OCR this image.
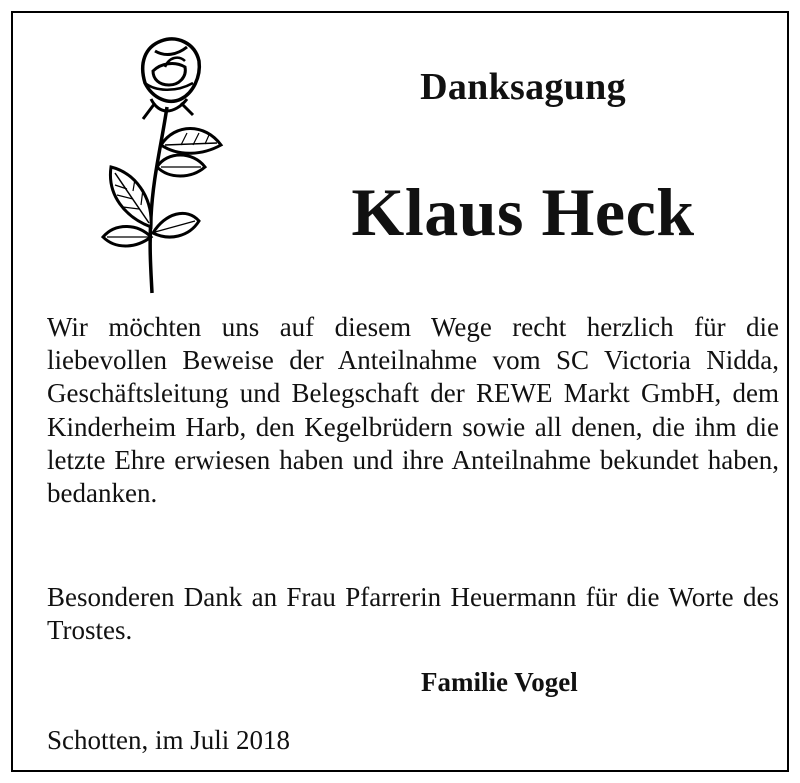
Danksagung
Klaus Heck

Wir möchten uns auf diesem Wege recht herzlich für die liebevollen Beweise der Anteilnahme vom SC Victoria Nidda, Geschäftsleitung und Belegschaft der REWE Markt GmbH, dem Kinderheim Harb, den Kegelbrüdern sowie all denen, die ihm die letzte Ehre erwiesen haben und ihre Anteilnahme bekundet haben, bedanken.

Besonderen Dank an Frau Pfarrerin Heuermann für die Worte des Trostes.

Familie Vogel
Schotten, im Juli 2018
